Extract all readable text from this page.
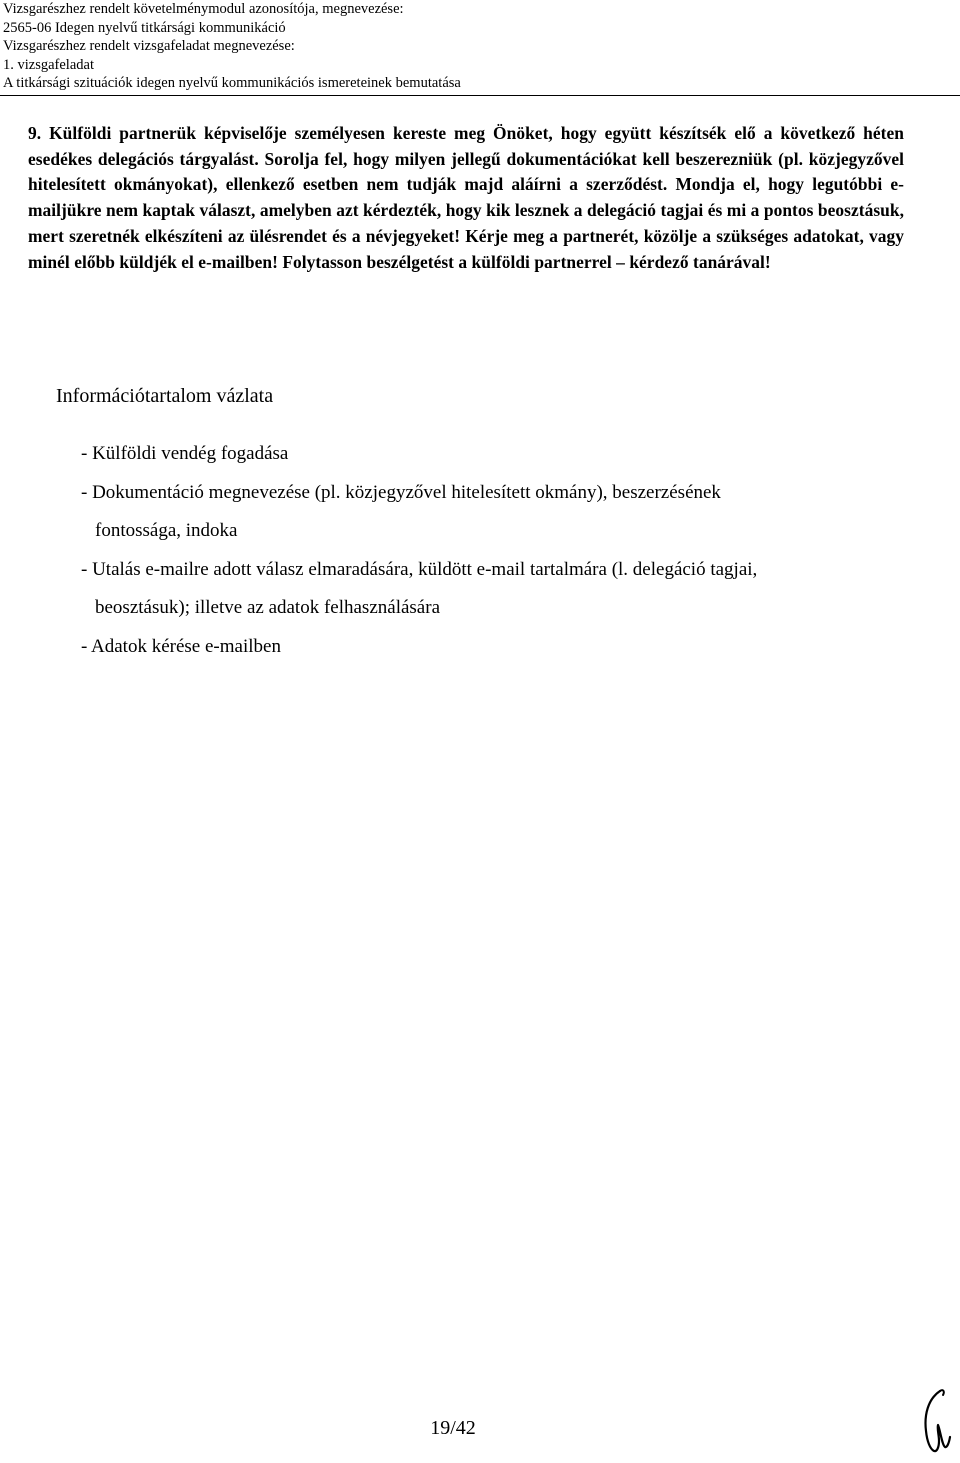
Vizsgarészhez rendelt követelménymodul azonosítója, megnevezése:
2565-06 Idegen nyelvű titkársági kommunikáció
Vizsgarészhez rendelt vizsgafeladat megnevezése:
1. vizsgafeladat
A titkársági szituációk idegen nyelvű kommunikációs ismereteinek bemutatása
9. Külföldi partnerük képviselője személyesen kereste meg Önöket, hogy együtt készítsék elő a következő héten esedékes delegációs tárgyalást. Sorolja fel, hogy milyen jellegű dokumentációkat kell beszerezniük (pl. közjegyzővel hitelesített okmányokat), ellenkező esetben nem tudják majd aláírni a szerződést. Mondja el, hogy legutóbbi e-mailjükre nem kaptak választ, amelyben azt kérdezték, hogy kik lesznek a delegáció tagjai és mi a pontos beosztásuk, mert szeretnék elkészíteni az ülésrendet és a névjegyeket! Kérje meg a partnerét, közölje a szükséges adatokat, vagy minél előbb küldjék el e-mailben! Folytasson beszélgetést a külföldi partnerrel – kérdező tanárával!
Információtartalom vázlata
- Külföldi vendég fogadása
- Dokumentáció megnevezése (pl. közjegyzővel hitelesített okmány), beszerzésének
fontossága, indoka
- Utalás e-mailre adott válasz elmaradására, küldött e-mail tartalmára (l. delegáció tagjai,
beosztásuk); illetve az adatok felhasználására
- Adatok kérése e-mailben
19/42
